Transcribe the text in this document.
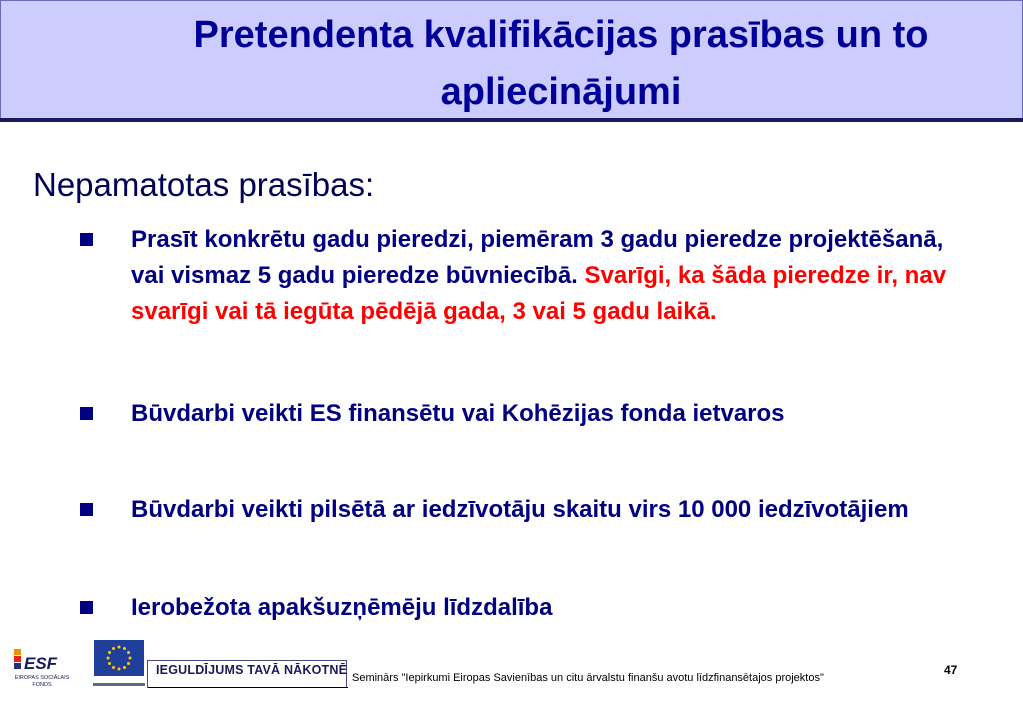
Pretendenta kvalifikācijas prasības un to apliecinājumi
Nepamatotas prasības:
Prasīt konkrētu gadu pieredzi, piemēram 3 gadu pieredze projektēšanā, vai vismaz 5 gadu pieredze būvniecībā. Svarīgi, ka šāda pieredze ir, nav svarīgi vai tā iegūta pēdējā gada, 3 vai 5 gadu laikā.
Būvdarbi veikti ES finansētu vai Kohēzijas fonda ietvaros
Būvdarbi veikti pilsētā ar iedzīvotāju skaitu virs 10 000 iedzīvotājiem
Ierobežota apakšuzņēmēju līdzdalība
ESF
EIROPAS SOCIĀLAIS
FONDS
IEGULDĪJUMS TAVĀ NĀKOTNĒ
Seminārs "Iepirkumi Eiropas Savienības un citu ārvalstu finanšu avotu līdzfinansētajos projektos"
47
